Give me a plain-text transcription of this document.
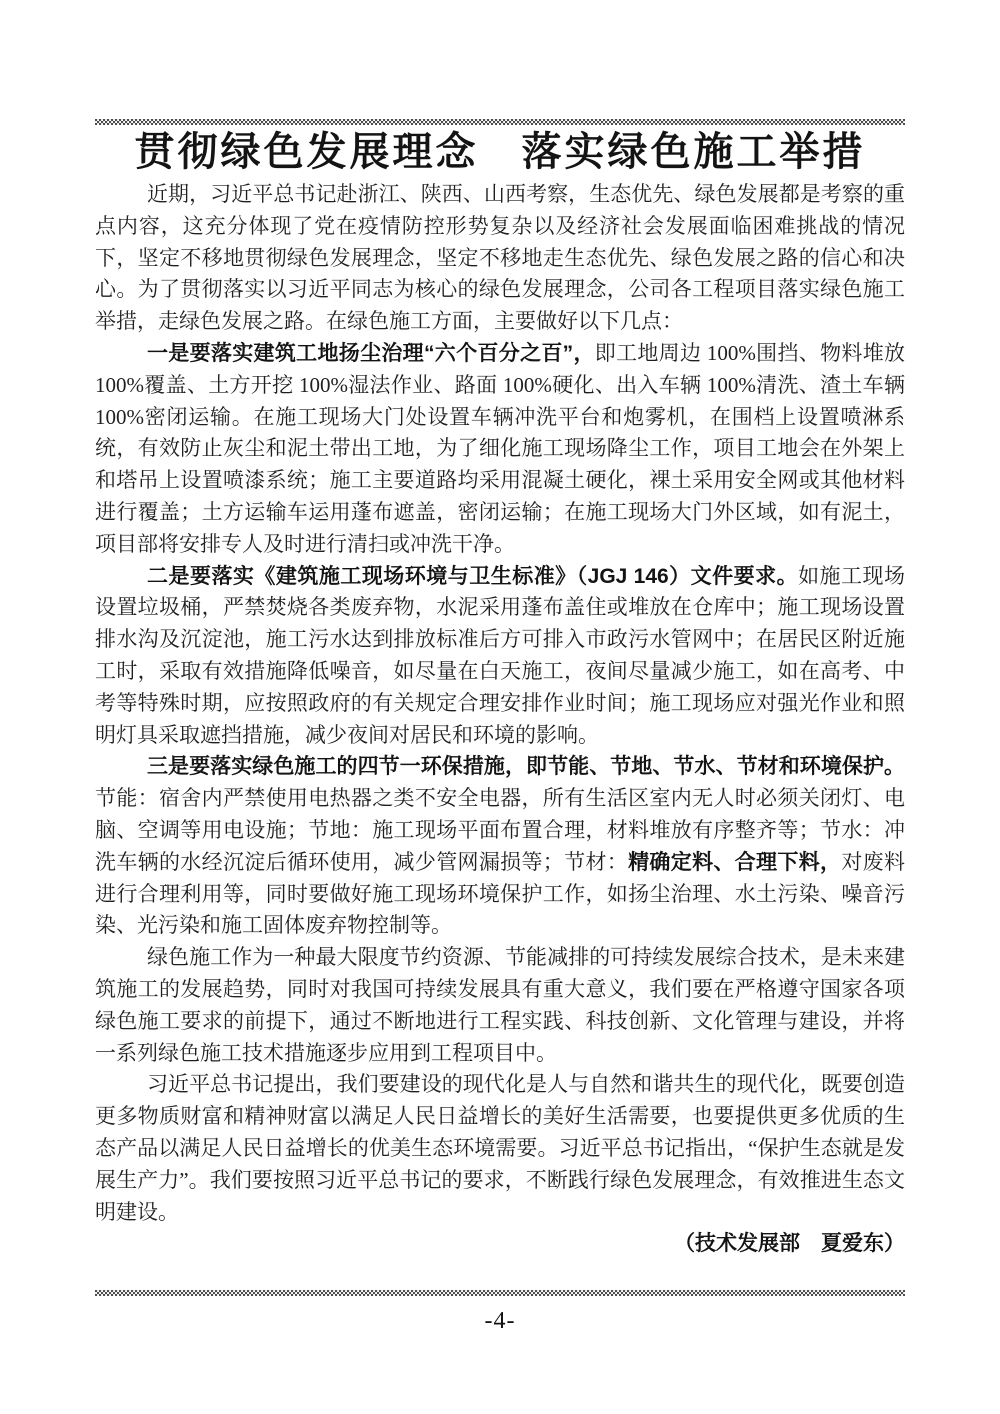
贯彻绿色发展理念　落实绿色施工举措

近期，习近平总书记赴浙江、陕西、山西考察，生态优先、绿色发展都是考察的重点内容，这充分体现了党在疫情防控形势复杂以及经济社会发展面临困难挑战的情况下，坚定不移地贯彻绿色发展理念，坚定不移地走生态优先、绿色发展之路的信心和决心。为了贯彻落实以习近平同志为核心的绿色发展理念，公司各工程项目落实绿色施工举措，走绿色发展之路。在绿色施工方面，主要做好以下几点：

一是要落实建筑工地扬尘治理“六个百分之百”，即工地周边 100%围挡、物料堆放 100%覆盖、土方开挖 100%湿法作业、路面 100%硬化、出入车辆 100%清洗、渣土车辆 100%密闭运输。在施工现场大门处设置车辆冲洗平台和炮雾机，在围档上设置喷淋系统，有效防止灰尘和泥土带出工地，为了细化施工现场降尘工作，项目工地会在外架上和塔吊上设置喷漆系统；施工主要道路均采用混凝土硬化，裸土采用安全网或其他材料进行覆盖；土方运输车运用蓬布遮盖，密闭运输；在施工现场大门外区域，如有泥土，项目部将安排专人及时进行清扫或冲洗干净。

二是要落实《建筑施工现场环境与卫生标准》（JGJ 146）文件要求。如施工现场设置垃圾桶，严禁焚烧各类废弃物，水泥采用蓬布盖住或堆放在仓库中；施工现场设置排水沟及沉淀池，施工污水达到排放标准后方可排入市政污水管网中；在居民区附近施工时，采取有效措施降低噪音，如尽量在白天施工，夜间尽量减少施工，如在高考、中考等特殊时期，应按照政府的有关规定合理安排作业时间；施工现场应对强光作业和照明灯具采取遮挡措施，减少夜间对居民和环境的影响。

三是要落实绿色施工的四节一环保措施，即节能、节地、节水、节材和环境保护。节能：宿舍内严禁使用电热器之类不安全电器，所有生活区室内无人时必须关闭灯、电脑、空调等用电设施；节地：施工现场平面布置合理，材料堆放有序整齐等；节水：冲洗车辆的水经沉淀后循环使用，减少管网漏损等；节材：精确定料、合理下料，对废料进行合理利用等，同时要做好施工现场环境保护工作，如扬尘治理、水土污染、噪音污染、光污染和施工固体废弃物控制等。

绿色施工作为一种最大限度节约资源、节能减排的可持续发展综合技术，是未来建筑施工的发展趋势，同时对我国可持续发展具有重大意义，我们要在严格遵守国家各项绿色施工要求的前提下，通过不断地进行工程实践、科技创新、文化管理与建设，并将一系列绿色施工技术措施逐步应用到工程项目中。

习近平总书记提出，我们要建设的现代化是人与自然和谐共生的现代化，既要创造更多物质财富和精神财富以满足人民日益增长的美好生活需要，也要提供更多优质的生态产品以满足人民日益增长的优美生态环境需要。习近平总书记指出，“保护生态就是发展生产力”。我们要按照习近平总书记的要求，不断践行绿色发展理念，有效推进生态文明建设。

（技术发展部　夏爱东）

-4-
